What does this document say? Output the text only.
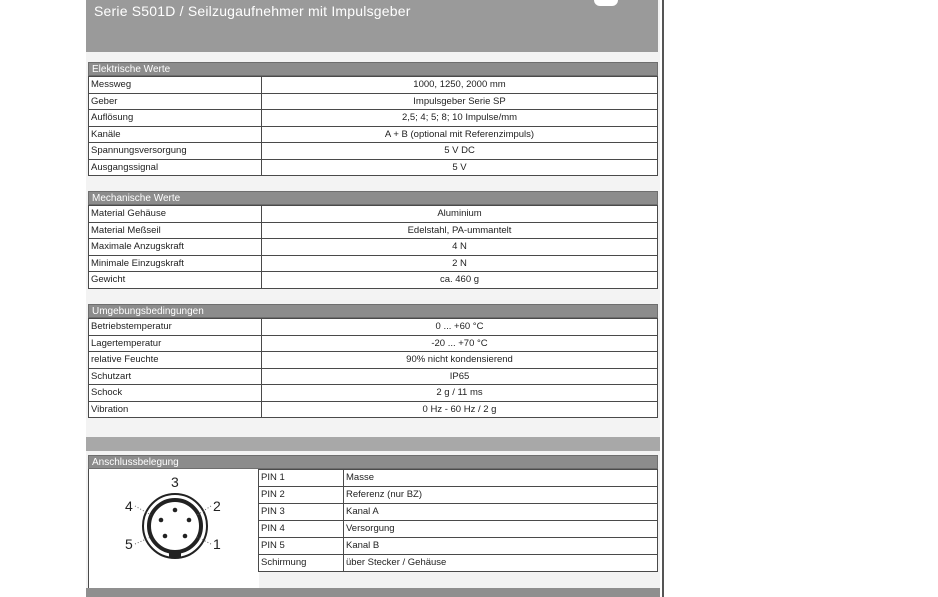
Serie S501D / Seilzugaufnehmer mit Impulsgeber
Elektrische Werte
Messweg	1000, 1250, 2000 mm
Geber	Impulsgeber Serie SP
Auflösung	2,5; 4; 5; 8; 10 Impulse/mm
Kanäle	A + B (optional mit Referenzimpuls)
Spannungsversorgung	5 V DC
Ausgangssignal	5 V
Mechanische Werte
Material Gehäuse	Aluminium
Material Meßseil	Edelstahl, PA-ummantelt
Maximale Anzugskraft	4 N
Minimale Einzugskraft	2 N
Gewicht	ca. 460 g
Umgebungsbedingungen
Betriebstemperatur	0 ... +60 °C
Lagertemperatur	-20 ... +70 °C
relative Feuchte	90% nicht kondensierend
Schutzart	IP65
Schock	2 g / 11 ms
Vibration	0 Hz - 60 Hz / 2 g
Anschlussbelegung
3
4	2
5	1
PIN 1	Masse
PIN 2	Referenz (nur BZ)
PIN 3	Kanal A
PIN 4	Versorgung
PIN 5	Kanal B
Schirmung	über Stecker / Gehäuse
